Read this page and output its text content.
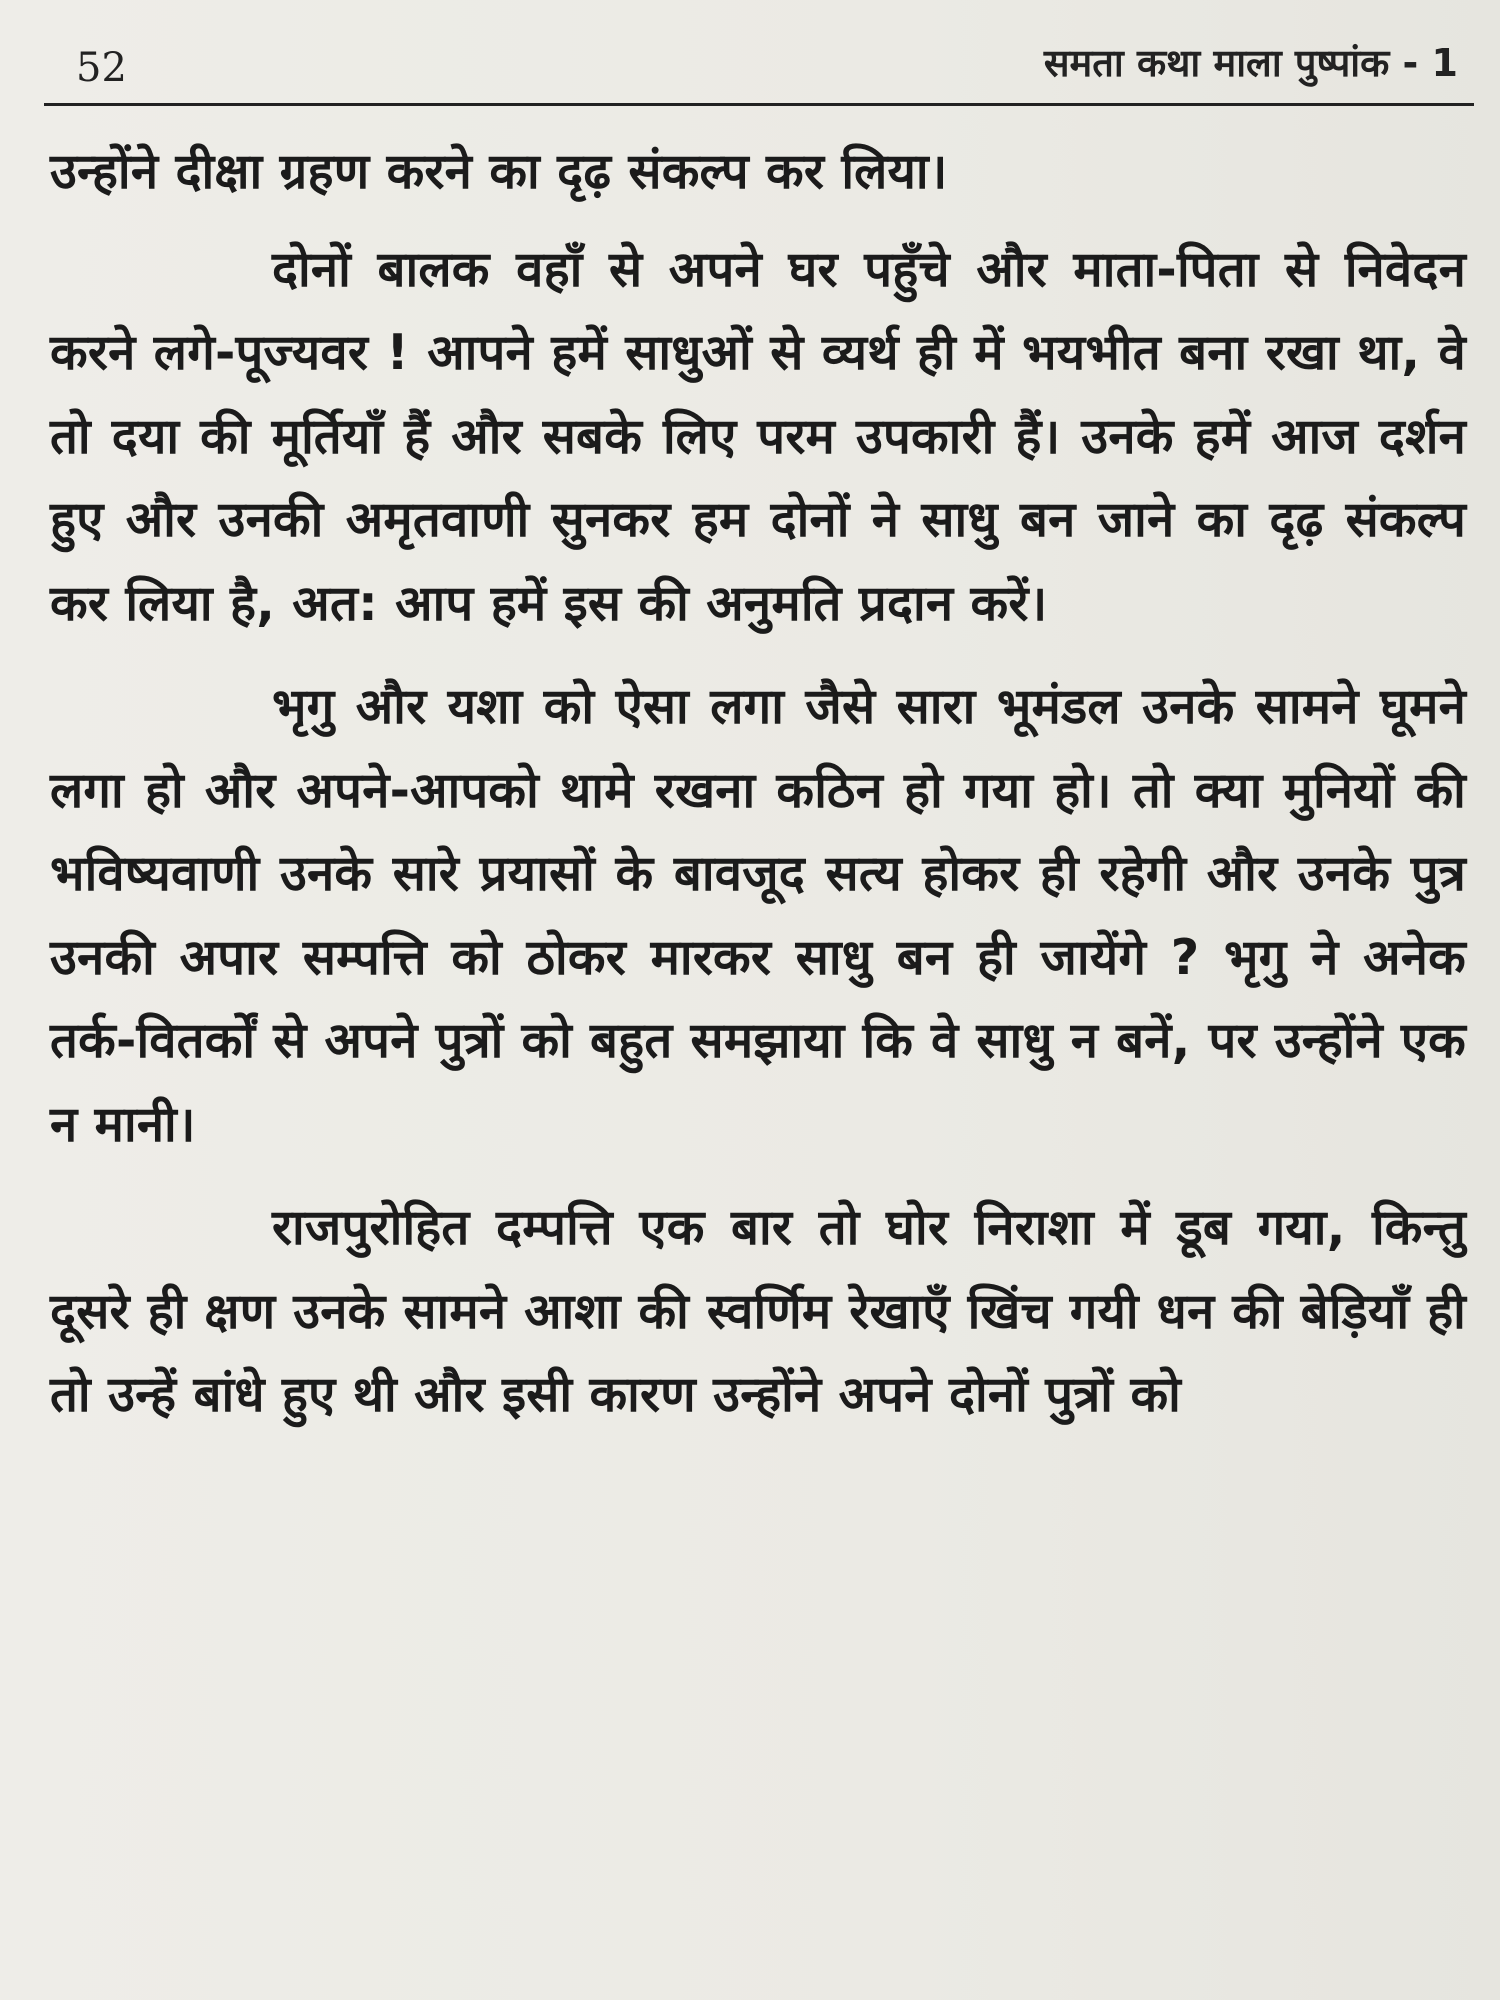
52	समता कथा माला पुष्पांक - 1

उन्होंने दीक्षा ग्रहण करने का दृढ़ संकल्प कर लिया।

दोनों बालक वहाँ से अपने घर पहुँचे और माता-पिता से निवेदन करने लगे-पूज्यवर ! आपने हमें साधुओं से व्यर्थ ही में भयभीत बना रखा था, वे तो दया की मूर्तियाँ हैं और सबके लिए परम उपकारी हैं। उनके हमें आज दर्शन हुए और उनकी अमृतवाणी सुनकर हम दोनों ने साधु बन जाने का दृढ़ संकल्प कर लिया है, अत: आप हमें इस की अनुमति प्रदान करें।

भृगु और यशा को ऐसा लगा जैसे सारा भूमंडल उनके सामने घूमने लगा हो और अपने-आपको थामे रखना कठिन हो गया हो। तो क्या मुनियों की भविष्यवाणी उनके सारे प्रयासों के बावजूद सत्य होकर ही रहेगी और उनके पुत्र उनकी अपार सम्पत्ति को ठोकर मारकर साधु बन ही जायेंगे ? भृगु ने अनेक तर्क-वितर्कों से अपने पुत्रों को बहुत समझाया कि वे साधु न बनें, पर उन्होंने एक न मानी।

राजपुरोहित दम्पत्ति एक बार तो घोर निराशा में डूब गया, किन्तु दूसरे ही क्षण उनके सामने आशा की स्वर्णिम रेखाएँ खिंच गयी धन की बेड़ियाँ ही तो उन्हें बांधे हुए थी और इसी कारण उन्होंने अपने दोनों पुत्रों को
